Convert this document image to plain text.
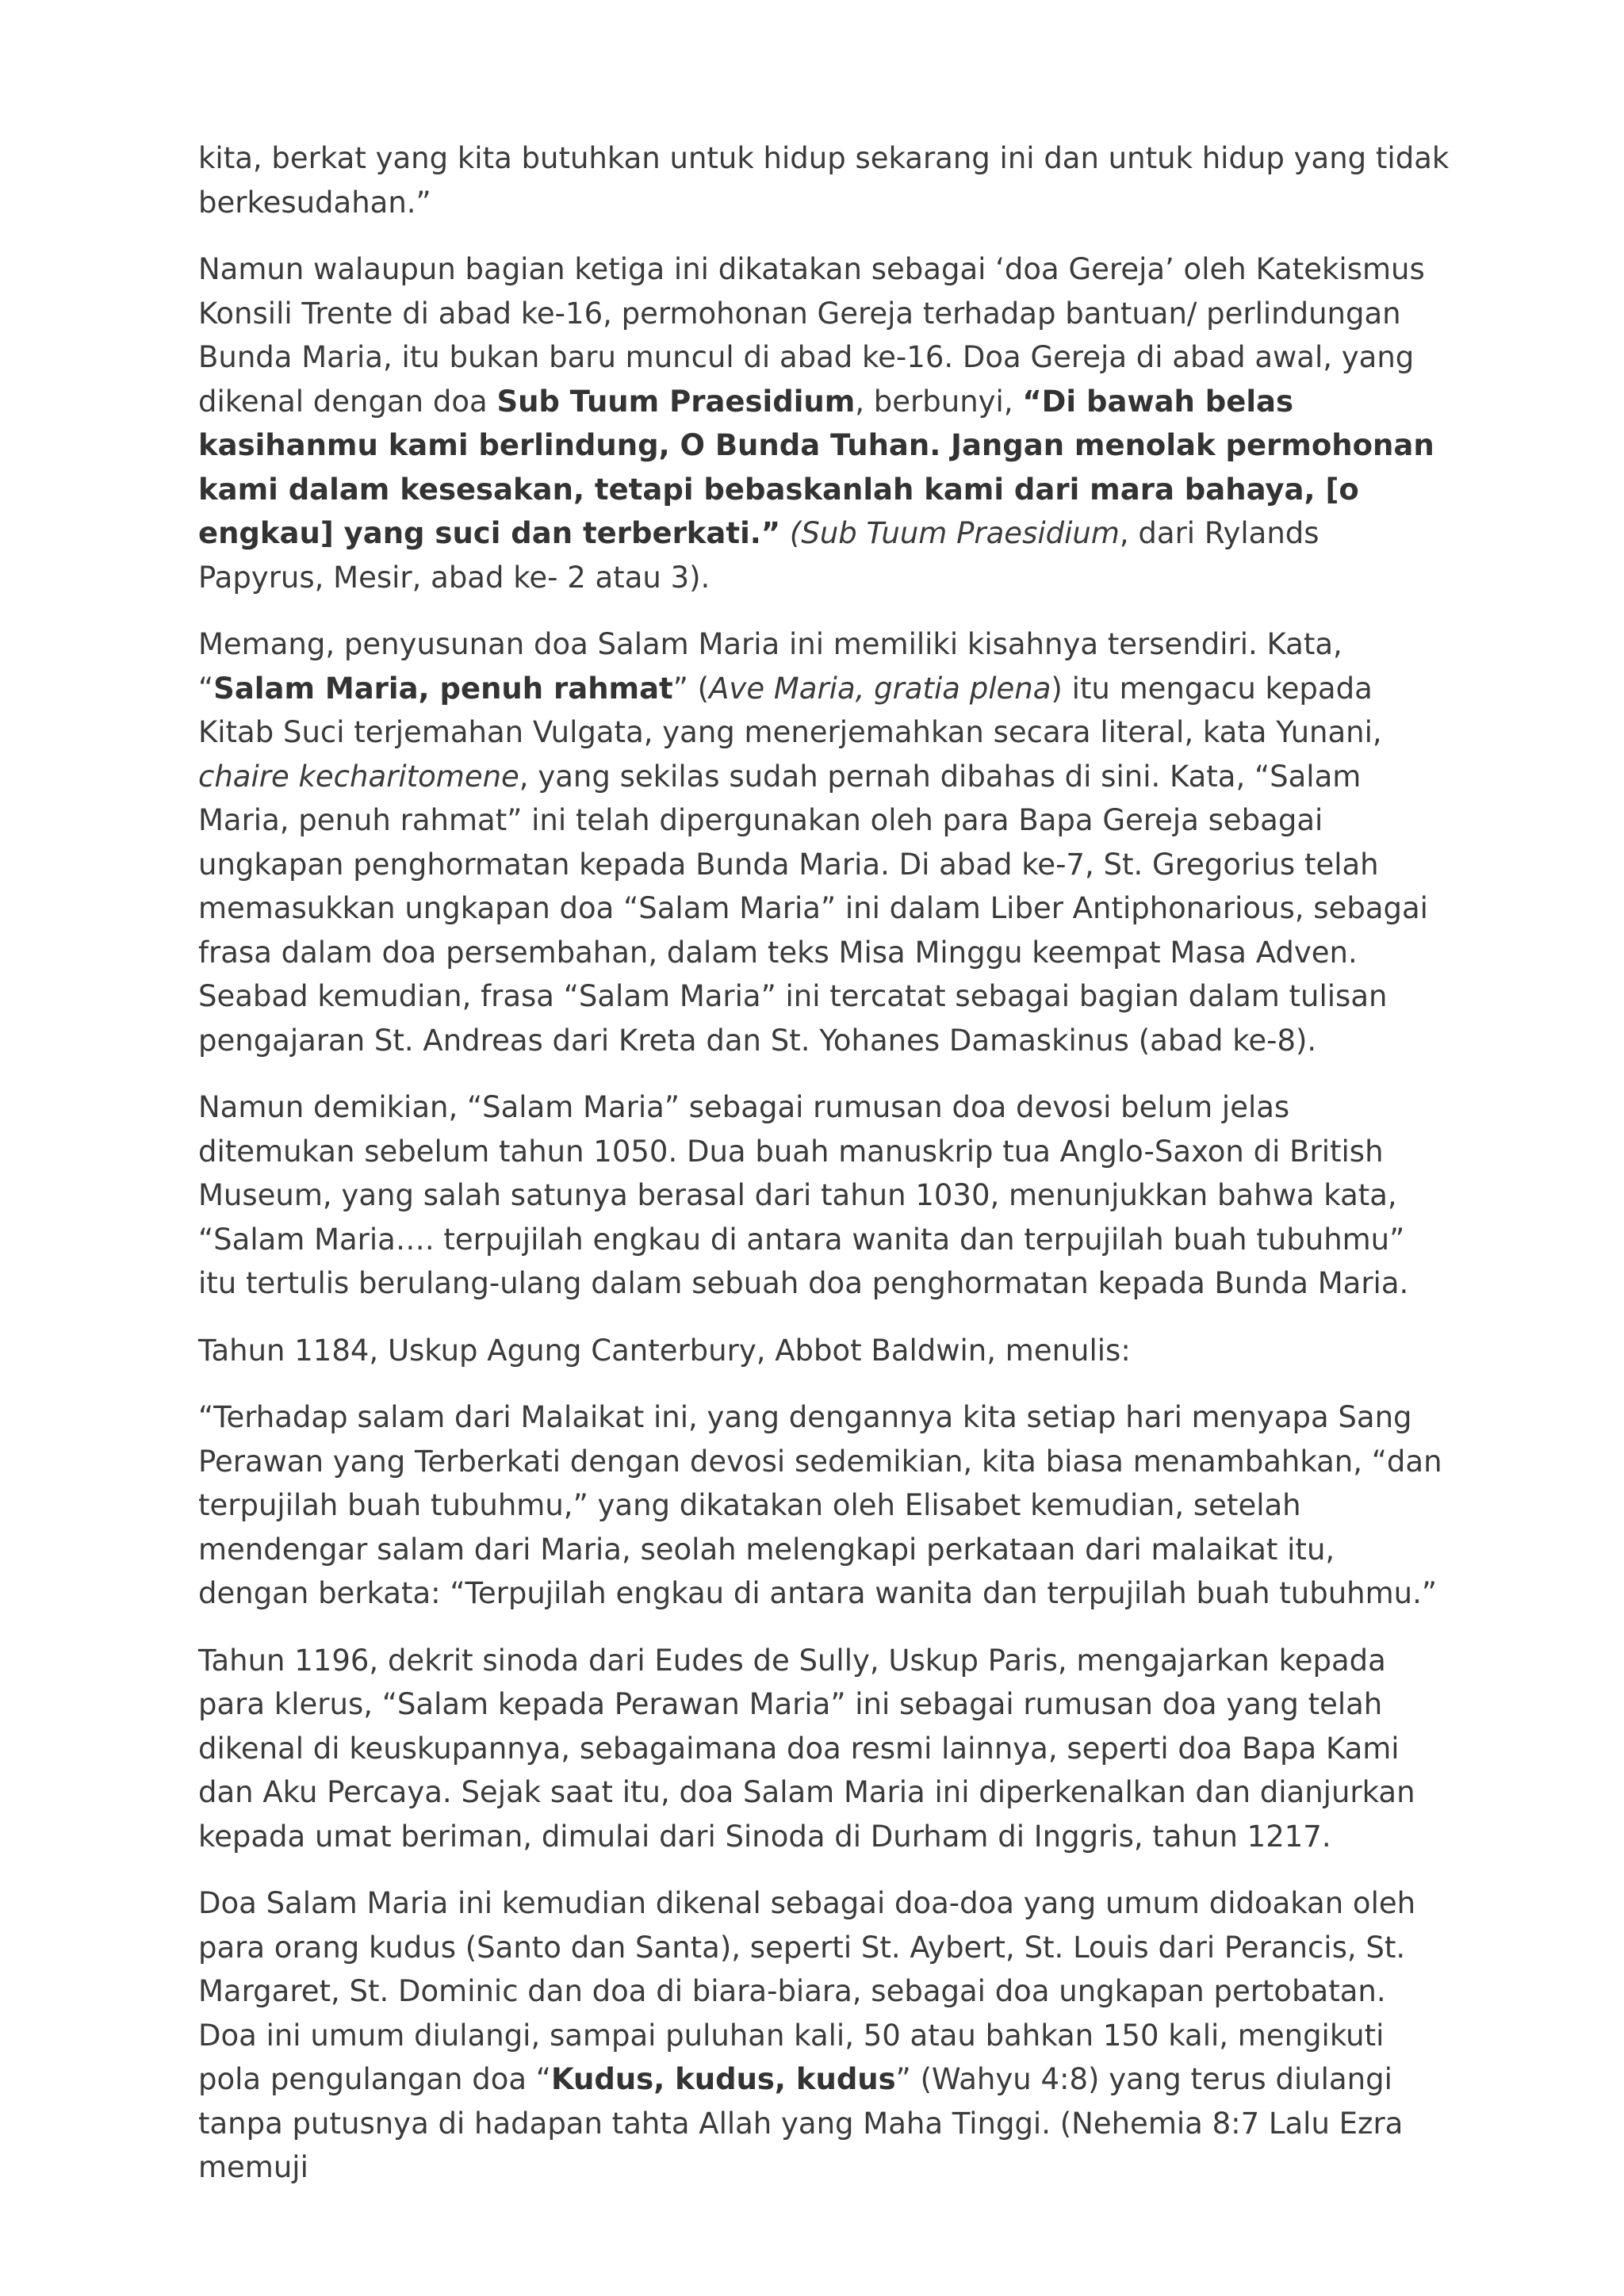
kita, berkat yang kita butuhkan untuk hidup sekarang ini dan untuk hidup yang tidak berkesudahan.”

Namun walaupun bagian ketiga ini dikatakan sebagai ‘doa Gereja’ oleh Katekismus Konsili Trente di abad ke-16, permohonan Gereja terhadap bantuan/ perlindungan Bunda Maria, itu bukan baru muncul di abad ke-16. Doa Gereja di abad awal, yang dikenal dengan doa Sub Tuum Praesidium, berbunyi, “Di bawah belas kasihanmu kami berlindung, O Bunda Tuhan. Jangan menolak permohonan kami dalam kesesakan, tetapi bebaskanlah kami dari mara bahaya, [o engkau] yang suci dan terberkati.” (Sub Tuum Praesidium, dari Rylands Papyrus, Mesir, abad ke- 2 atau 3).

Memang, penyusunan doa Salam Maria ini memiliki kisahnya tersendiri. Kata, “Salam Maria, penuh rahmat” (Ave Maria, gratia plena) itu mengacu kepada Kitab Suci terjemahan Vulgata, yang menerjemahkan secara literal, kata Yunani, chaire kecharitomene, yang sekilas sudah pernah dibahas di sini. Kata, “Salam Maria, penuh rahmat” ini telah dipergunakan oleh para Bapa Gereja sebagai ungkapan penghormatan kepada Bunda Maria. Di abad ke-7, St. Gregorius telah memasukkan ungkapan doa “Salam Maria” ini dalam Liber Antiphonarious, sebagai frasa dalam doa persembahan, dalam teks Misa Minggu keempat Masa Adven. Seabad kemudian, frasa “Salam Maria” ini tercatat sebagai bagian dalam tulisan pengajaran St. Andreas dari Kreta dan St. Yohanes Damaskinus (abad ke-8).

Namun demikian, “Salam Maria” sebagai rumusan doa devosi belum jelas ditemukan sebelum tahun 1050. Dua buah manuskrip tua Anglo-Saxon di British Museum, yang salah satunya berasal dari tahun 1030, menunjukkan bahwa kata, “Salam Maria…. terpujilah engkau di antara wanita dan terpujilah buah tubuhmu” itu tertulis berulang-ulang dalam sebuah doa penghormatan kepada Bunda Maria.

Tahun 1184, Uskup Agung Canterbury, Abbot Baldwin, menulis:

“Terhadap salam dari Malaikat ini, yang dengannya kita setiap hari menyapa Sang Perawan yang Terberkati dengan devosi sedemikian, kita biasa menambahkan, “dan terpujilah buah tubuhmu,” yang dikatakan oleh Elisabet kemudian, setelah mendengar salam dari Maria, seolah melengkapi perkataan dari malaikat itu, dengan berkata: “Terpujilah engkau di antara wanita dan terpujilah buah tubuhmu.”

Tahun 1196, dekrit sinoda dari Eudes de Sully, Uskup Paris, mengajarkan kepada para klerus, “Salam kepada Perawan Maria” ini sebagai rumusan doa yang telah dikenal di keuskupannya, sebagaimana doa resmi lainnya, seperti doa Bapa Kami dan Aku Percaya. Sejak saat itu, doa Salam Maria ini diperkenalkan dan dianjurkan kepada umat beriman, dimulai dari Sinoda di Durham di Inggris, tahun 1217.

Doa Salam Maria ini kemudian dikenal sebagai doa-doa yang umum didoakan oleh para orang kudus (Santo dan Santa), seperti St. Aybert, St. Louis dari Perancis, St. Margaret, St. Dominic dan doa di biara-biara, sebagai doa ungkapan pertobatan. Doa ini umum diulangi, sampai puluhan kali, 50 atau bahkan 150 kali, mengikuti pola pengulangan doa “Kudus, kudus, kudus” (Wahyu 4:8) yang terus diulangi tanpa putusnya di hadapan tahta Allah yang Maha Tinggi. (Nehemia 8:7 Lalu Ezra memuji
